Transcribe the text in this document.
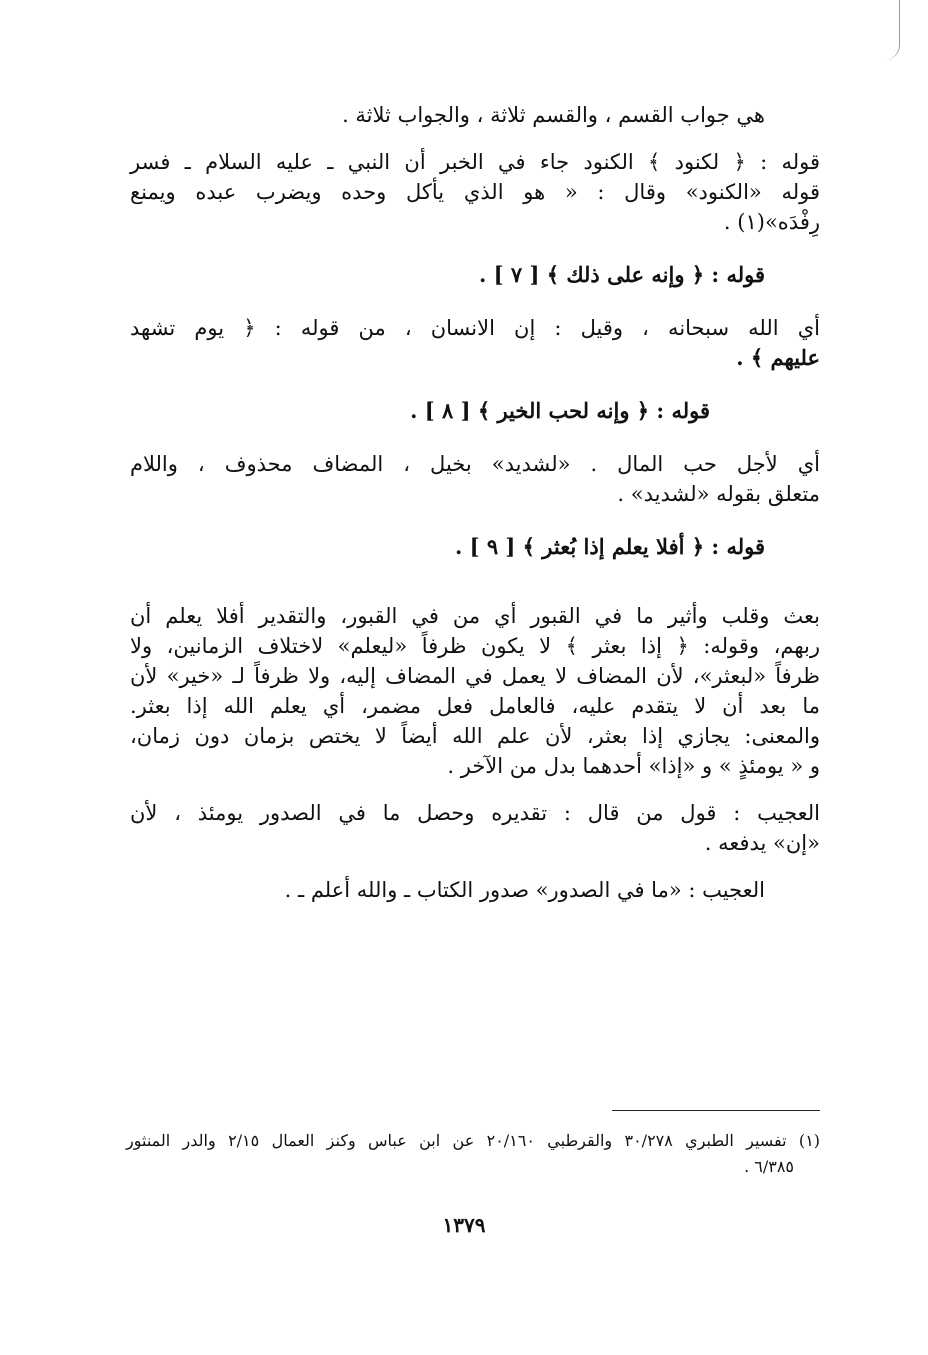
هي جواب القسم ، والقسم ثلاثة ، والجواب ثلاثة .

قوله : ﴿ لكنود ﴾ الكنود جاء في الخبر أن النبي ـ عليه السلام ـ فسر

قوله «الكنود» وقال : « هو الذي يأكل وحده ويضرب عبده ويمنع

رِفْدَه»(١) .

قوله : ﴿ وإنه على ذلك ﴾ [ ٧ ] .

أي الله سبحانه ، وقيل : إن الانسان ، من قوله : ﴿ يوم تشهد

عليهم ﴾ .

قوله : ﴿ وإنه لحب الخير ﴾ [ ٨ ] .

أي لأجل حب المال . «لشديد» بخيل ، المضاف محذوف ، واللام

متعلق بقوله «لشديد» .

قوله : ﴿ أفلا يعلم إذا بُعثر ﴾ [ ٩ ] .

بعث وقلب وأثير ما في القبور أي من في القبور، والتقدير أفلا يعلم أن

ربهم، وقوله: ﴿ إذا بعثر ﴾ لا يكون ظرفاً «ليعلم» لاختلاف الزمانين، ولا

ظرفاً «لبعثر»، لأن المضاف لا يعمل في المضاف إليه، ولا ظرفاً لـ «خير» لأن

ما بعد أن لا يتقدم عليه، فالعامل فعل مضمر، أي يعلم الله إذا بعثر.

والمعنى: يجازي إذا بعثر، لأن علم الله أيضاً لا يختص بزمان دون زمان،

و « يومئذٍ » و «إذا» أحدهما بدل من الآخر .

العجيب : قول من قال : تقديره وحصل ما في الصدور يومئذ ، لأن

«إن» يدفعه .

العجيب : «ما في الصدور» صدور الكتاب ـ والله أعلم ـ .

(١) تفسير الطبري ٣٠/٢٧٨ والقرطبي ٢٠/١٦٠ عن ابن عباس وكنز العمال ٢/١٥ والدر المنثور

٦/٣٨٥ .

١٣٧٩
